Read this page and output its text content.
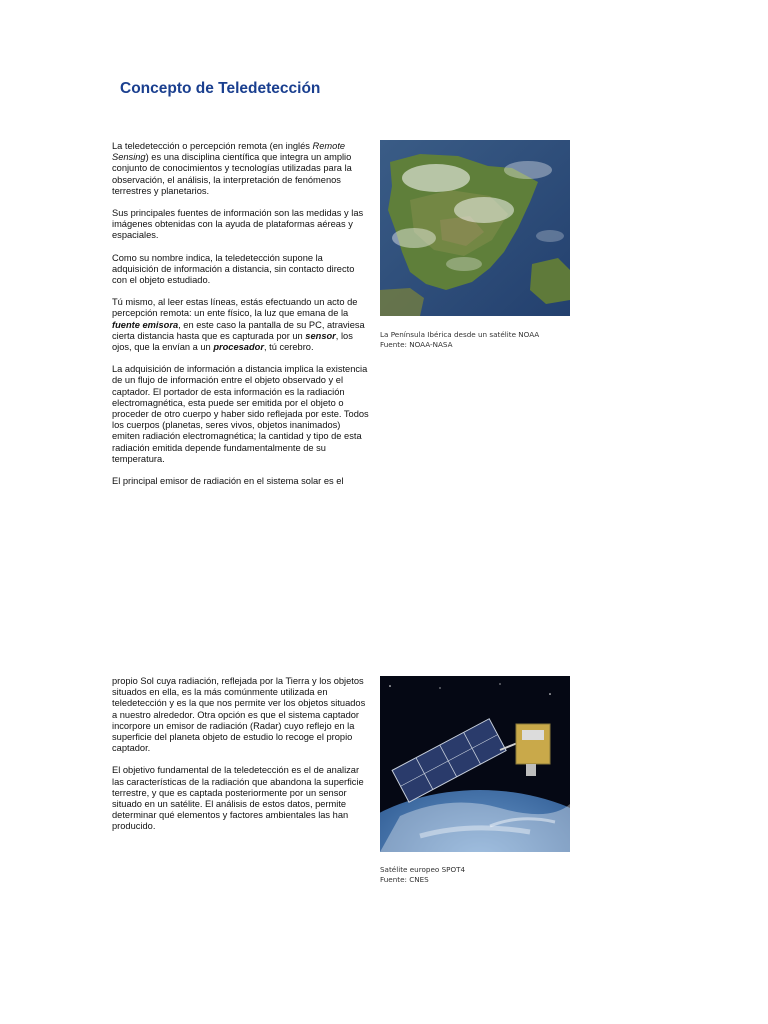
Concepto de Teledetección

La teledetección o percepción remota (en inglés Remote Sensing) es una disciplina científica que integra un amplio conjunto de conocimientos y tecnologías utilizadas para la observación, el análisis, la interpretación de fenómenos terrestres y planetarios.

Sus principales fuentes de información son las medidas y las imágenes obtenidas con la ayuda de plataformas aéreas y espaciales.

Como su nombre indica, la teledetección supone la adquisición de información a distancia, sin contacto directo con el objeto estudiado.

Tú mismo, al leer estas líneas, estás efectuando un acto de percepción remota: un ente físico, la luz que emana de la fuente emisora, en este caso la pantalla de su PC, atraviesa cierta distancia hasta que es capturada por un sensor, los ojos, que la envían a un procesador, tú cerebro.

La adquisición de información a distancia implica la existencia de un flujo de información entre el objeto observado y el captador. El portador de esta información es la radiación electromagnética, esta puede ser emitida por el objeto o proceder de otro cuerpo y haber sido reflejada por este. Todos los cuerpos (planetas, seres vivos, objetos inanimados) emiten radiación electromagnética; la cantidad y tipo de esta radiación emitida depende fundamentalmente de su temperatura.

El principal emisor de radiación en el sistema solar es el

La Península Ibérica desde un satélite NOAA
Fuente: NOAA-NASA

propio Sol cuya radiación, reflejada por la Tierra y los objetos situados en ella, es la más comúnmente utilizada en teledetección y es la que nos permite ver los objetos situados a nuestro alrededor. Otra opción es que el sistema captador incorpore un emisor de radiación (Radar) cuyo reflejo en la superficie del planeta objeto de estudio lo recoge el propio captador.

El objetivo fundamental de la teledetección es el de analizar las características de la radiación que abandona la superficie terrestre, y que es captada posteriormente por un sensor situado en un satélite. El análisis de estos datos, permite determinar qué elementos y factores ambientales las han producido.

Satélite europeo SPOT4
Fuente: CNES
